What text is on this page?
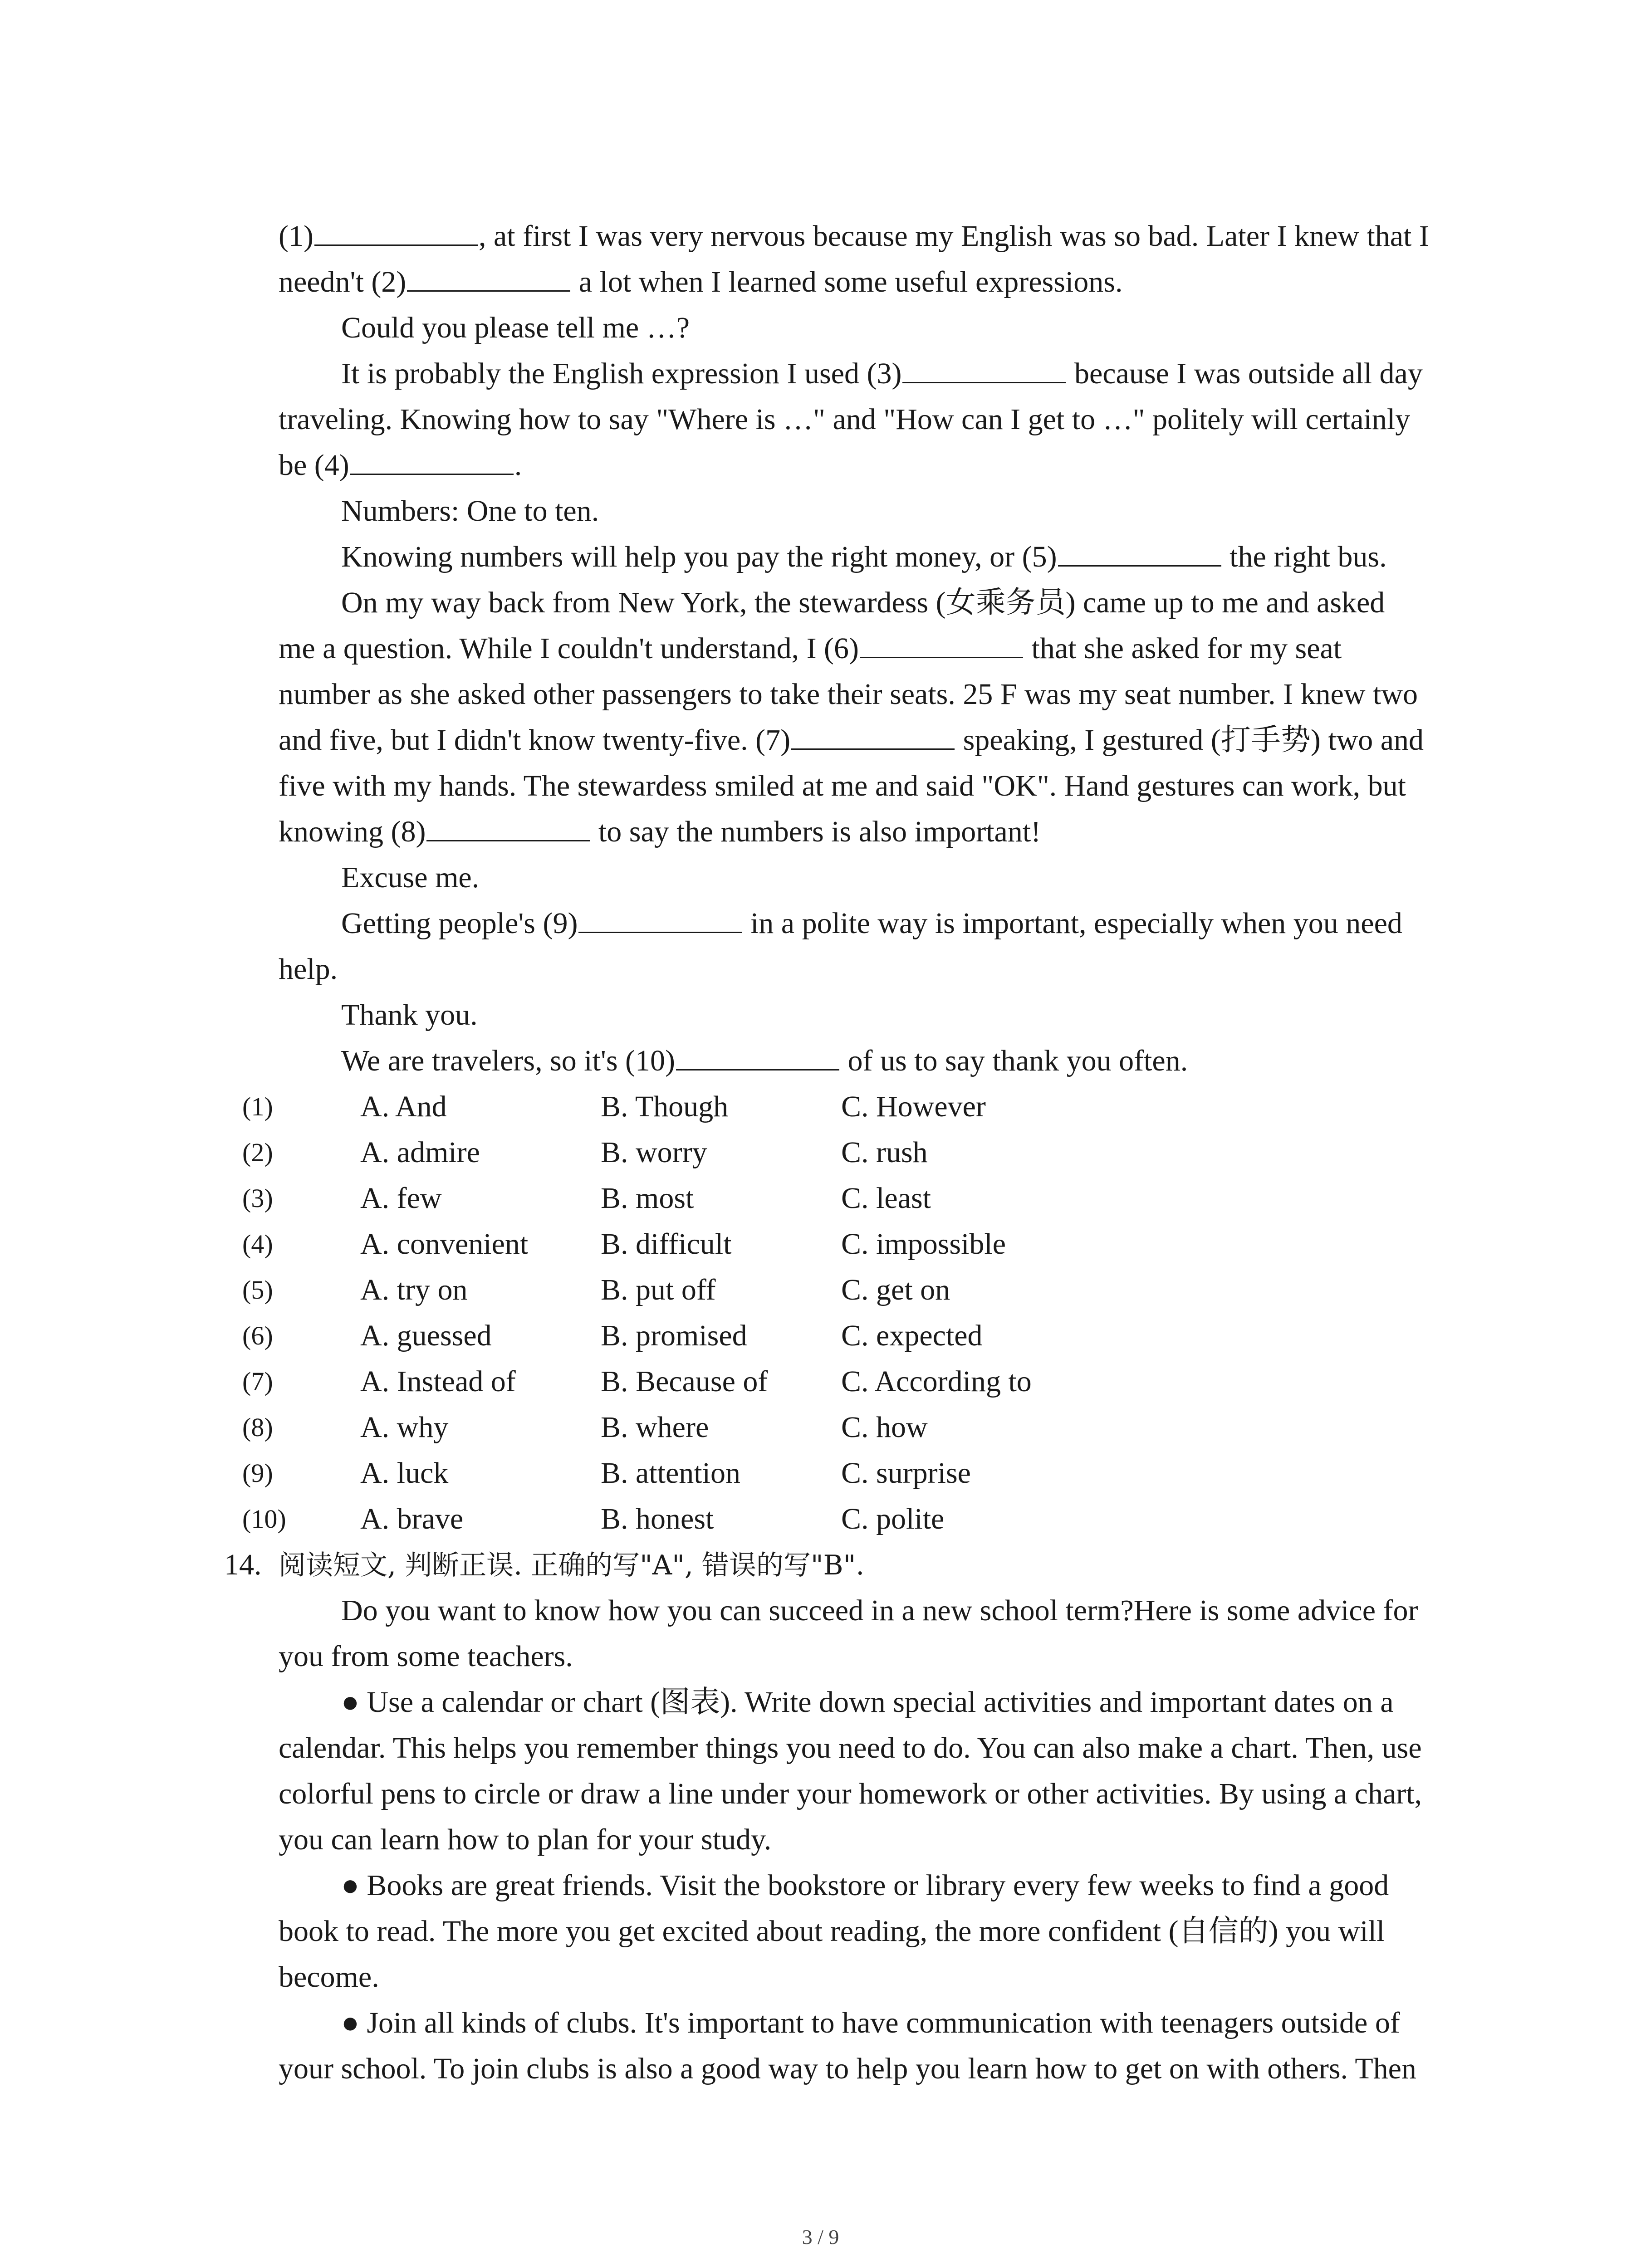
(1)	, at first I was very nervous because my English was so bad. Later I knew that I
needn't (2)	a lot when I learned some useful expressions.
Could you please tell me …?
It is probably the English expression I used (3)	because I was outside all day
traveling. Knowing how to say "Where is …" and "How can I get to …" politely will certainly
be (4)	.
Numbers: One to ten.
Knowing numbers will help you pay the right money, or (5)	the right bus.
On my way back from New York, the stewardess (女乘务员) came up to me and asked
me a question. While I couldn't understand, I (6)	that she asked for my seat
number as she asked other passengers to take their seats. 25 F was my seat number. I knew two
and five, but I didn't know twenty-five. (7)	speaking, I gestured (打手势) two and
five with my hands. The stewardess smiled at me and said "OK". Hand gestures can work, but
knowing (8)	to say the numbers is also important!
Excuse me.
Getting people's (9)	in a polite way is important, especially when you need
help.
Thank you.
We are travelers, so it's (10)	of us to say thank you often.
(1)	A. And	B. Though	C. However
(2)	A. admire	B. worry	C. rush
(3)	A. few	B. most	C. least
(4)	A. convenient B. difficult	C. impossible
(5)	A. try on	B. put off	C. get on
(6)	A. guessed	B. promised	C. expected
(7)	A. Instead of	B. Because of C. According to
(8)	A. why	B. where	C. how
(9)	A. luck	B. attention	C. surprise
(10) A. brave	B. honest	C. polite
14. 阅读短文, 判断正误. 正确的写"A", 错误的写"B".
Do you want to know how you can succeed in a new school term?Here is some advice for
you from some teachers.
● Use a calendar or chart (图表). Write down special activities and important dates on a
calendar. This helps you remember things you need to do. You can also make a chart. Then, use
colorful pens to circle or draw a line under your homework or other activities. By using a chart,
you can learn how to plan for your study.
● Books are great friends. Visit the bookstore or library every few weeks to find a good
book to read. The more you get excited about reading, the more confident (自信的) you will
become.
● Join all kinds of clubs. It's important to have communication with teenagers outside of
your school. To join clubs is also a good way to help you learn how to get on with others. Then
3 / 9
